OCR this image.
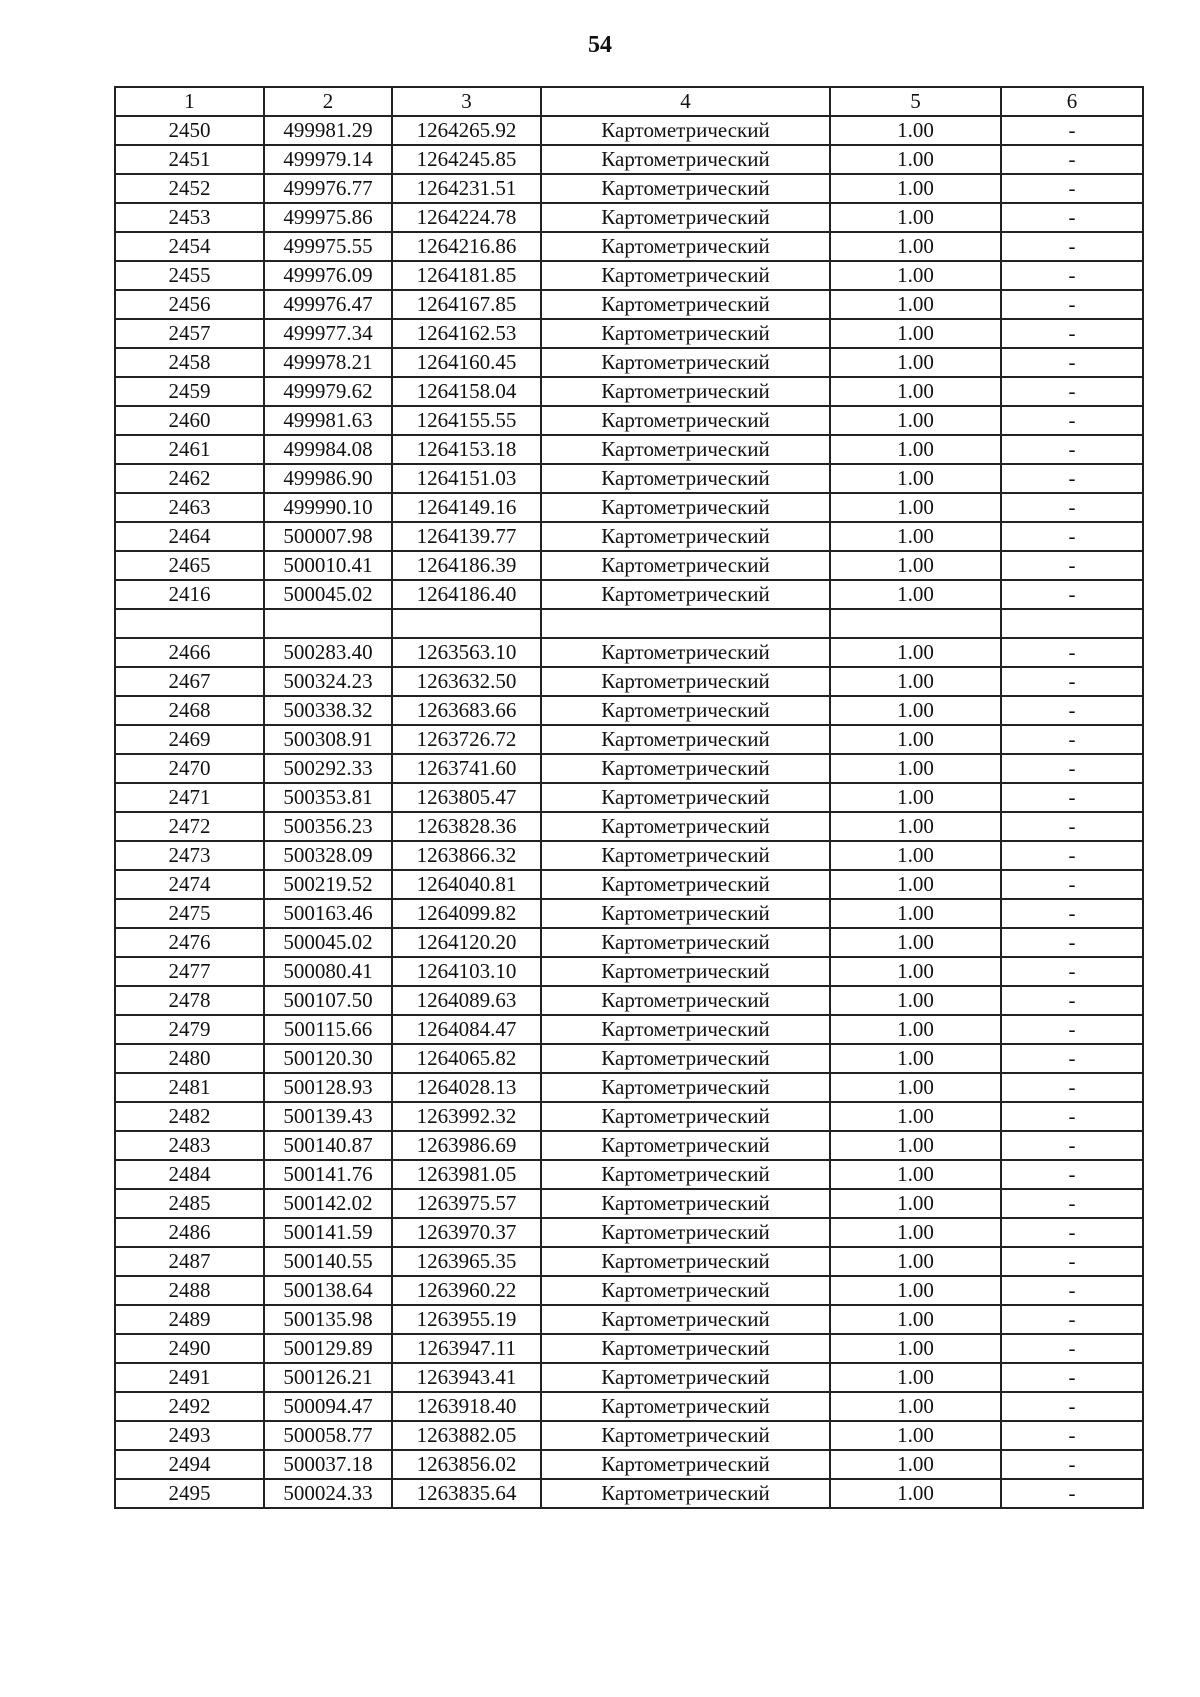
54
1	2	3	4	5	6
2450	499981.29	1264265.92	Картометрический	1.00	-
2451	499979.14	1264245.85	Картометрический	1.00	-
2452	499976.77	1264231.51	Картометрический	1.00	-
2453	499975.86	1264224.78	Картометрический	1.00	-
2454	499975.55	1264216.86	Картометрический	1.00	-
2455	499976.09	1264181.85	Картометрический	1.00	-
2456	499976.47	1264167.85	Картометрический	1.00	-
2457	499977.34	1264162.53	Картометрический	1.00	-
2458	499978.21	1264160.45	Картометрический	1.00	-
2459	499979.62	1264158.04	Картометрический	1.00	-
2460	499981.63	1264155.55	Картометрический	1.00	-
2461	499984.08	1264153.18	Картометрический	1.00	-
2462	499986.90	1264151.03	Картометрический	1.00	-
2463	499990.10	1264149.16	Картометрический	1.00	-
2464	500007.98	1264139.77	Картометрический	1.00	-
2465	500010.41	1264186.39	Картометрический	1.00	-
2416	500045.02	1264186.40	Картометрический	1.00	-

2466	500283.40	1263563.10	Картометрический	1.00	-
2467	500324.23	1263632.50	Картометрический	1.00	-
2468	500338.32	1263683.66	Картометрический	1.00	-
2469	500308.91	1263726.72	Картометрический	1.00	-
2470	500292.33	1263741.60	Картометрический	1.00	-
2471	500353.81	1263805.47	Картометрический	1.00	-
2472	500356.23	1263828.36	Картометрический	1.00	-
2473	500328.09	1263866.32	Картометрический	1.00	-
2474	500219.52	1264040.81	Картометрический	1.00	-
2475	500163.46	1264099.82	Картометрический	1.00	-
2476	500045.02	1264120.20	Картометрический	1.00	-
2477	500080.41	1264103.10	Картометрический	1.00	-
2478	500107.50	1264089.63	Картометрический	1.00	-
2479	500115.66	1264084.47	Картометрический	1.00	-
2480	500120.30	1264065.82	Картометрический	1.00	-
2481	500128.93	1264028.13	Картометрический	1.00	-
2482	500139.43	1263992.32	Картометрический	1.00	-
2483	500140.87	1263986.69	Картометрический	1.00	-
2484	500141.76	1263981.05	Картометрический	1.00	-
2485	500142.02	1263975.57	Картометрический	1.00	-
2486	500141.59	1263970.37	Картометрический	1.00	-
2487	500140.55	1263965.35	Картометрический	1.00	-
2488	500138.64	1263960.22	Картометрический	1.00	-
2489	500135.98	1263955.19	Картометрический	1.00	-
2490	500129.89	1263947.11	Картометрический	1.00	-
2491	500126.21	1263943.41	Картометрический	1.00	-
2492	500094.47	1263918.40	Картометрический	1.00	-
2493	500058.77	1263882.05	Картометрический	1.00	-
2494	500037.18	1263856.02	Картометрический	1.00	-
2495	500024.33	1263835.64	Картометрический	1.00	-
